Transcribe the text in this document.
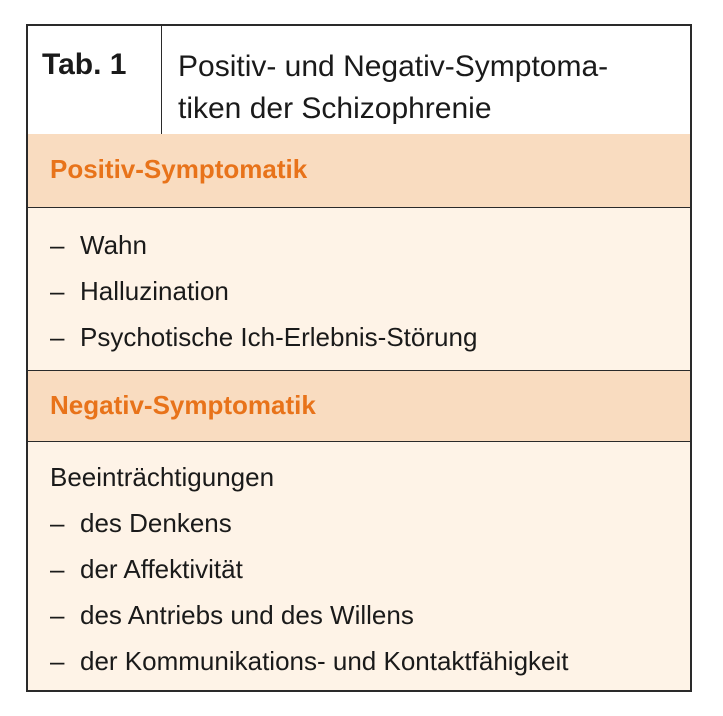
Tab. 1	Positiv- und Negativ-Symptoma-
tiken der Schizophrenie
Positiv-Symptomatik
– Wahn
– Halluzination
– Psychotische Ich-Erlebnis-Störung
Negativ-Symptomatik
Beeinträchtigungen
– des Denkens
– der Affektivität
– des Antriebs und des Willens
– der Kommunikations- und Kontaktfähigkeit
